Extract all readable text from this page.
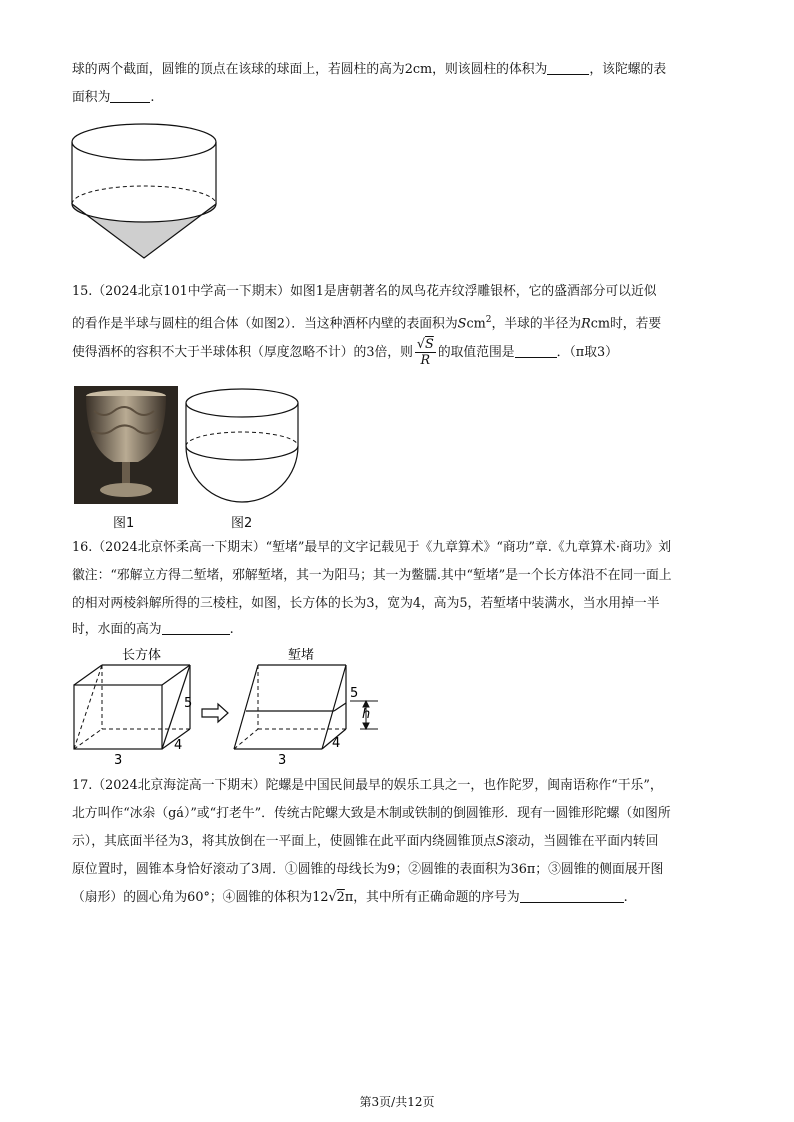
球的两个截面，圆锥的顶点在该球的球面上，若圆柱的高为2cm，则该圆柱的体积为	，该陀螺的表
面积为	.
15.（2024北京101中学高一下期末）如图1是唐朝著名的凤鸟花卉纹浮雕银杯，它的盛酒部分可以近似
的看作是半球与圆柱的组合体（如图2）．当这种酒杯内壁的表面积为Scm$^2$，半球的半径为Rcm时，若要
使得酒杯的容积不大于半球体积（厚度忽略不计）的3倍，则 $\frac{√S}{R}$ 的取值范围是	．（π取3）
图1	图2
16.（2024北京怀柔高一下期末）“堑堵”最早的文字记载见于《九章算术》“商功”章.《九章算术·商功》刘
徽注：“邪解立方得二堑堵，邪解堑堵，其一为阳马；其一为鳖臑.其中“堑堵”是一个长方体沿不在同一面上
的相对两棱斜解所得的三棱柱，如图，长方体的长为3，宽为4，高为5，若堑堵中装满水，当水用掉一半
时，水面的高为	.
长方体
5
4
3
堑堵
5
h
4
3
17.（2024北京海淀高一下期末）陀螺是中国民间最早的娱乐工具之一，也作陀罗，闽南语称作“干乐”，
北方叫作“冰尜（gá）”或“打老牛”．传统古陀螺大致是木制或铁制的倒圆锥形．现有一圆锥形陀螺（如图所
示），其底面半径为3，将其放倒在一平面上，使圆锥在此平面内绕圆锥顶点S滚动，当圆锥在平面内转回
原位置时，圆锥本身恰好滚动了3周．①圆锥的母线长为9；②圆锥的表面积为36π；③圆锥的侧面展开图
（扇形）的圆心角为60°；④圆锥的体积为12√2π，其中所有正确命题的序号为	.
第3页/共12页
